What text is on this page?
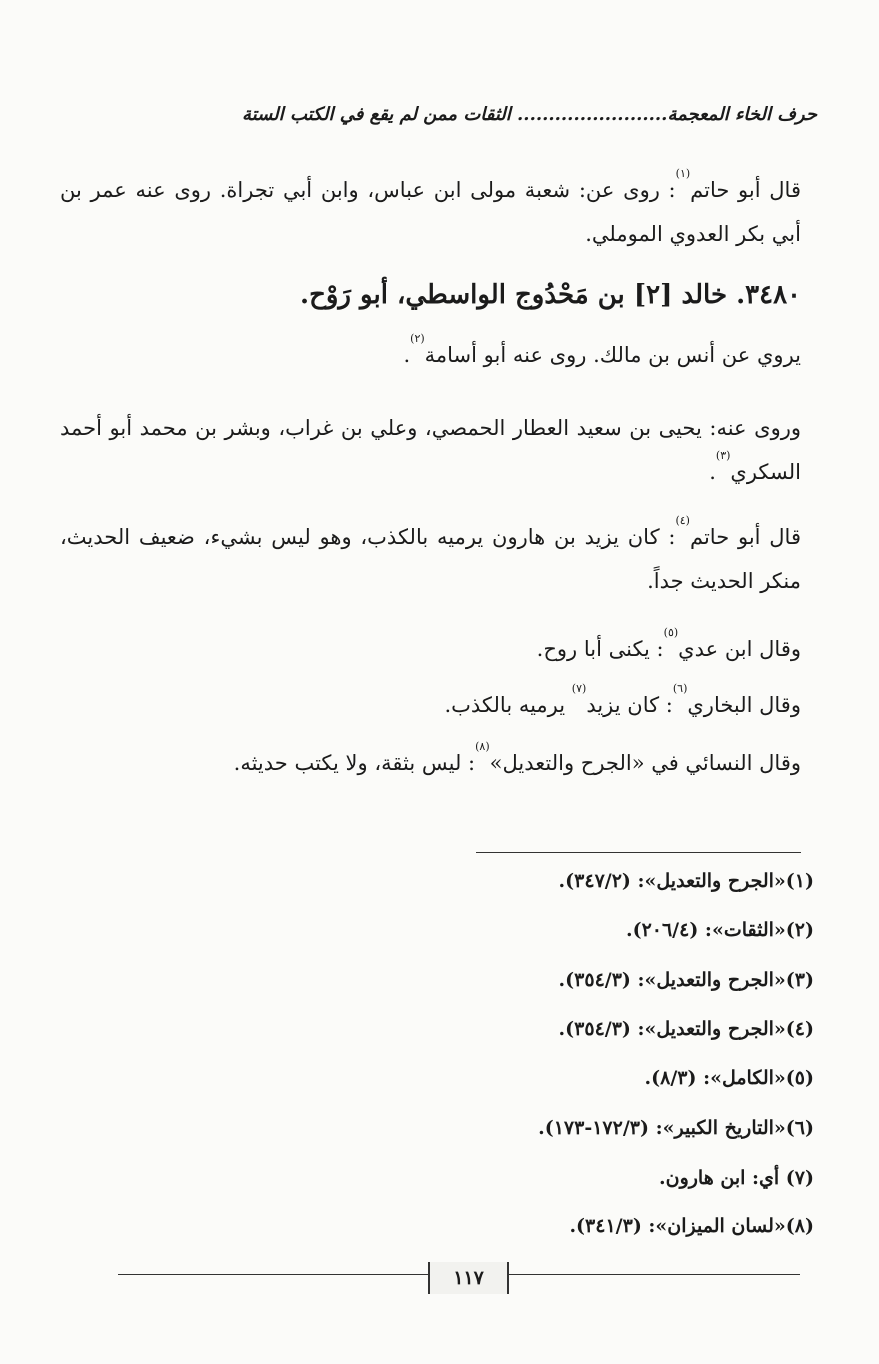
حرف الخاء المعجمة........................ الثقات ممن لم يقع في الكتب الستة
قال أبو حاتم$^{(١)}$: روى عن: شعبة مولى ابن عباس، وابن أبي تجراة. روى عنه عمر بن أبي بكر العدوي الموملي.
٣٤٨٠. خالد [٢] بن مَحْدُوج الواسطي، أبو رَوْح.
يروي عن أنس بن مالك. روى عنه أبو أسامة$^{(٢)}$.
وروى عنه: يحيى بن سعيد العطار الحمصي، وعلي بن غراب، وبشر بن محمد أبو أحمد السكري$^{(٣)}$.
قال أبو حاتم$^{(٤)}$: كان يزيد بن هارون يرميه بالكذب، وهو ليس بشيء، ضعيف الحديث، منكر الحديث جداً.
وقال ابن عدي$^{(٥)}$: يكنى أبا روح.
وقال البخاري$^{(٦)}$: كان يزيد$^{(٧)}$ يرميه بالكذب.
وقال النسائي في «الجرح والتعديل»$^{(٨)}$: ليس بثقة، ولا يكتب حديثه.
(١)«الجرح والتعديل»: (٣٤٧/٢).
(٢)«الثقات»: (٢٠٦/٤).
(٣)«الجرح والتعديل»: (٣٥٤/٣).
(٤)«الجرح والتعديل»: (٣٥٤/٣).
(٥)«الكامل»: (٨/٣).
(٦)«التاريخ الكبير»: (١٧٢/٣-١٧٣).
(٧) أي: ابن هارون.
(٨)«لسان الميزان»: (٣٤١/٣).
١١٧
